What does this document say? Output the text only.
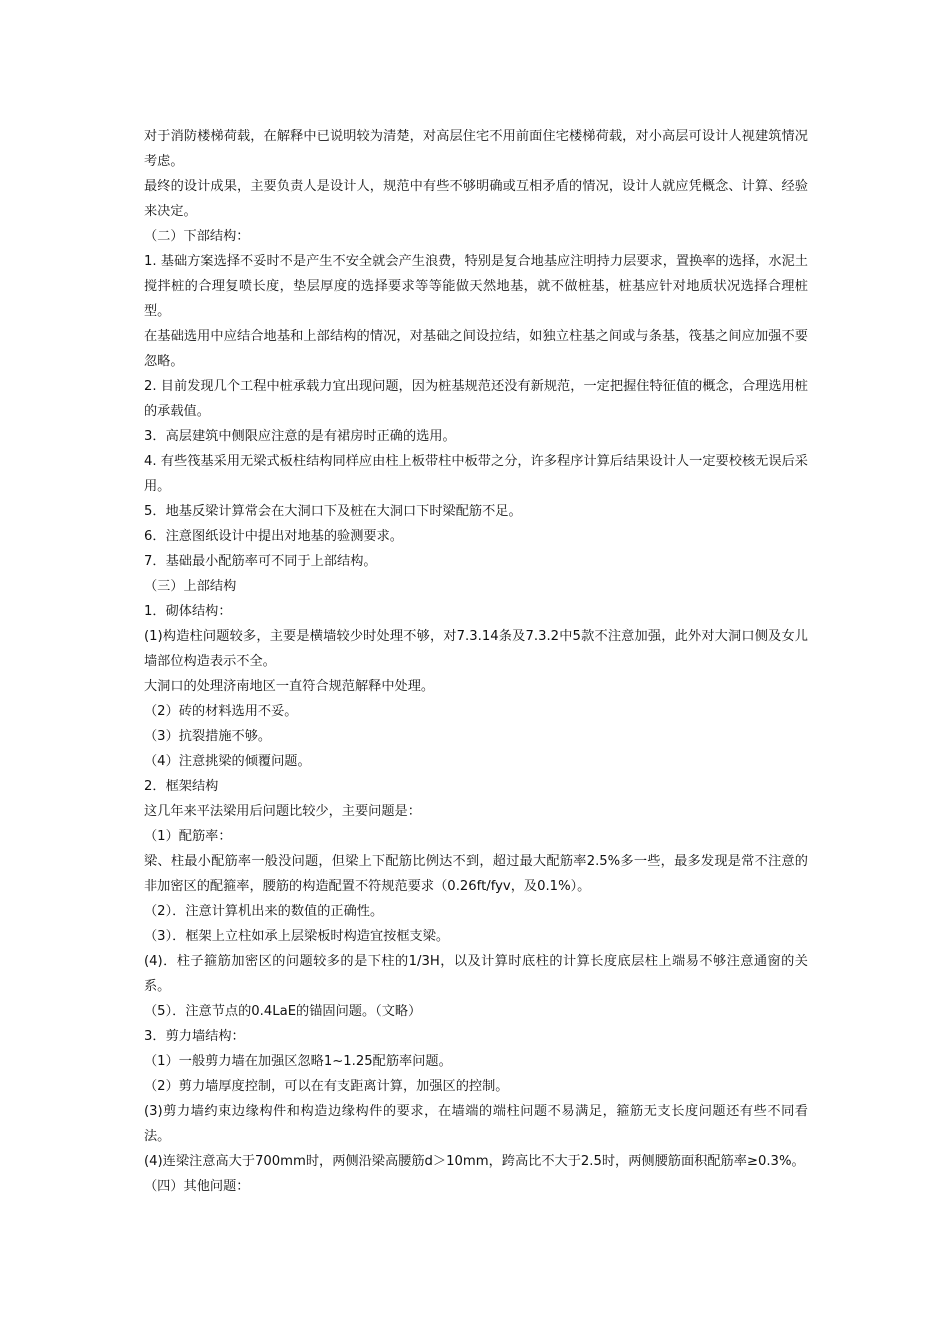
对于消防楼梯荷载，在解释中已说明较为清楚，对高层住宅不用前面住宅楼梯荷载，对小高层可设计人视建筑情况考虑。

最终的设计成果，主要负责人是设计人，规范中有些不够明确或互相矛盾的情况，设计人就应凭概念、计算、经验来决定。

（二）下部结构：

1. 基础方案选择不妥时不是产生不安全就会产生浪费，特别是复合地基应注明持力层要求，置换率的选择，水泥土搅拌桩的合理复喷长度，垫层厚度的选择要求等等能做天然地基，就不做桩基，桩基应针对地质状况选择合理桩型。

在基础选用中应结合地基和上部结构的情况，对基础之间设拉结，如独立柱基之间或与条基，筏基之间应加强不要忽略。

2. 目前发现几个工程中桩承载力宜出现问题，因为桩基规范还没有新规范，一定把握住特征值的概念，合理选用桩的承载值。

3．高层建筑中侧限应注意的是有裙房时正确的选用。

4. 有些筏基采用无梁式板柱结构同样应由柱上板带柱中板带之分，许多程序计算后结果设计人一定要校核无误后采用。

5．地基反梁计算常会在大洞口下及桩在大洞口下时梁配筋不足。

6．注意图纸设计中提出对地基的验测要求。

7．基础最小配筋率可不同于上部结构。

（三）上部结构

1．砌体结构：

(1)构造柱问题较多，主要是横墙较少时处理不够，对7.3.14条及7.3.2中5款不注意加强，此外对大洞口侧及女儿墙部位构造表示不全。

大洞口的处理济南地区一直符合规范解释中处理。

（2）砖的材料选用不妥。

（3）抗裂措施不够。

（4）注意挑梁的倾覆问题。

2．框架结构

这几年来平法梁用后问题比较少，主要问题是：

（1）配筋率：

梁、柱最小配筋率一般没问题，但梁上下配筋比例达不到，超过最大配筋率2.5%多一些，最多发现是常不注意的非加密区的配箍率，腰筋的构造配置不符规范要求（0.26ft/fyv，及0.1%）。

（2）．注意计算机出来的数值的正确性。

（3）．框架上立柱如承上层梁板时构造宜按框支梁。

(4)．柱子箍筋加密区的问题较多的是下柱的1/3H，以及计算时底柱的计算长度底层柱上端易不够注意通窗的关系。

（5）．注意节点的0.4LaE的锚固问题。（文略）

3．剪力墙结构：

（1）一般剪力墙在加强区忽略1~1.25配筋率问题。

（2）剪力墙厚度控制，可以在有支距离计算，加强区的控制。

(3)剪力墙约束边缘构件和构造边缘构件的要求，在墙端的端柱问题不易满足，箍筋无支长度问题还有些不同看法。

(4)连梁注意高大于700mm时，两侧沿梁高腰筋d＞10mm，跨高比不大于2.5时，两侧腰筋面积配筋率≥0.3%。

（四）其他问题：
